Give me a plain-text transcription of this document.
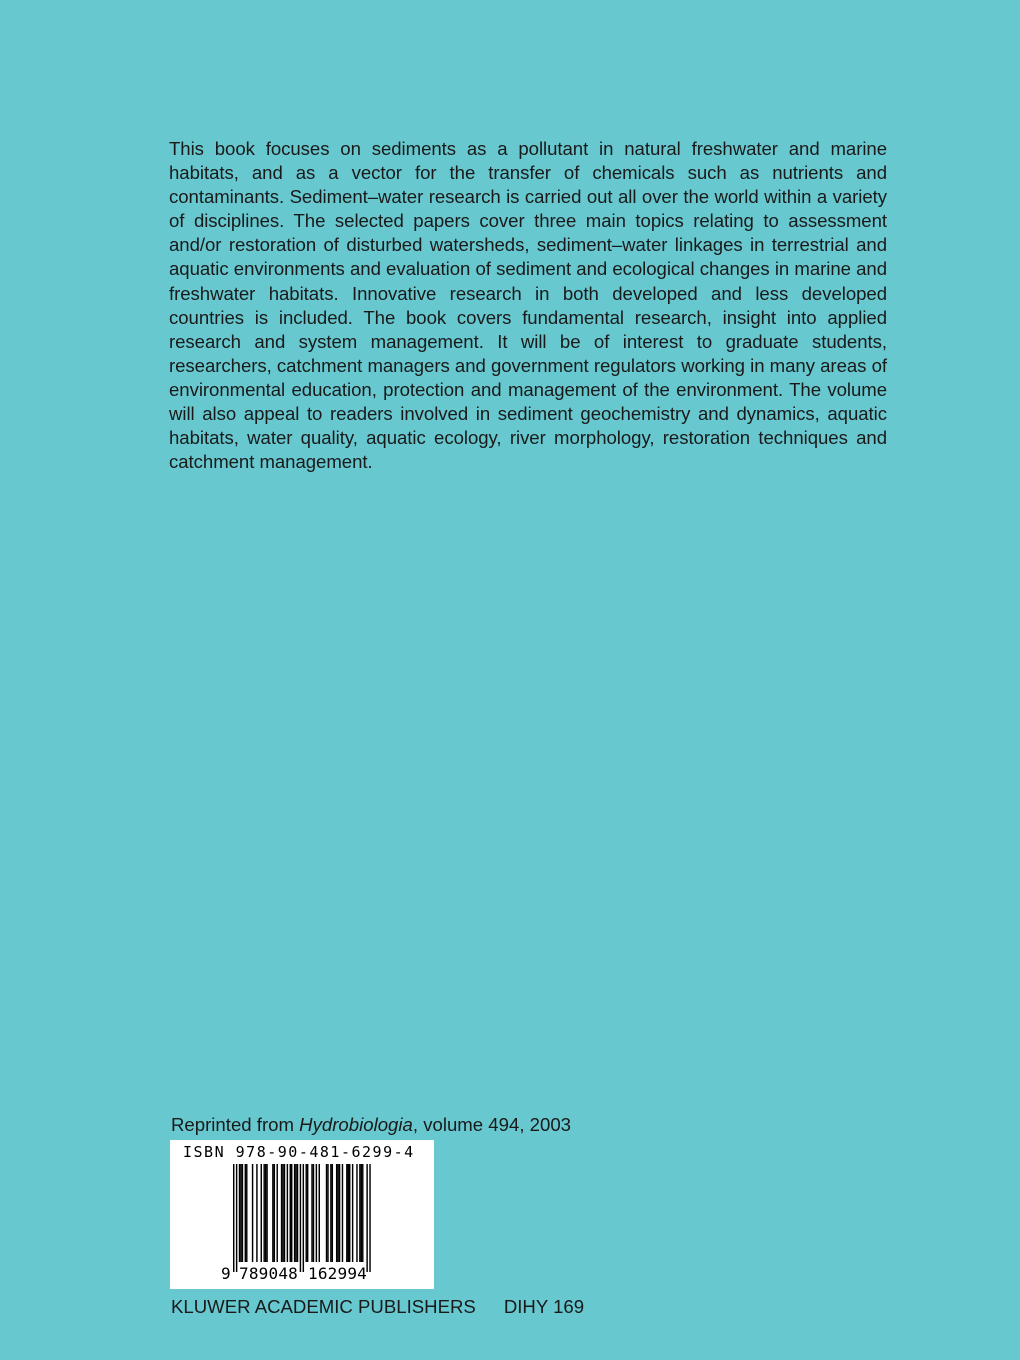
This book focuses on sediments as a pollutant in natural freshwater and marine habitats, and as a vector for the transfer of chemicals such as nutrients and contaminants. Sediment–water research is carried out all over the world within a variety of disciplines. The selected papers cover three main topics relating to assessment and/or restoration of disturbed watersheds, sediment–water linkages in terrestrial and aquatic environments and evaluation of sediment and ecological changes in marine and freshwater habitats. Innovative research in both developed and less developed countries is included. The book covers fundamental research, insight into applied research and system management. It will be of interest to graduate students, researchers, catchment managers and government regulators working in many areas of environmental education, protection and management of the environment. The volume will also appeal to readers involved in sediment geochemistry and dynamics, aquatic habitats, water quality, aquatic ecology, river morphology, restoration techniques and catchment management.

Reprinted from Hydrobiologia, volume 494, 2003
ISBN 978-90-481-6299-4
9 789048 162994
KLUWER ACADEMIC PUBLISHERS DIHY 169
